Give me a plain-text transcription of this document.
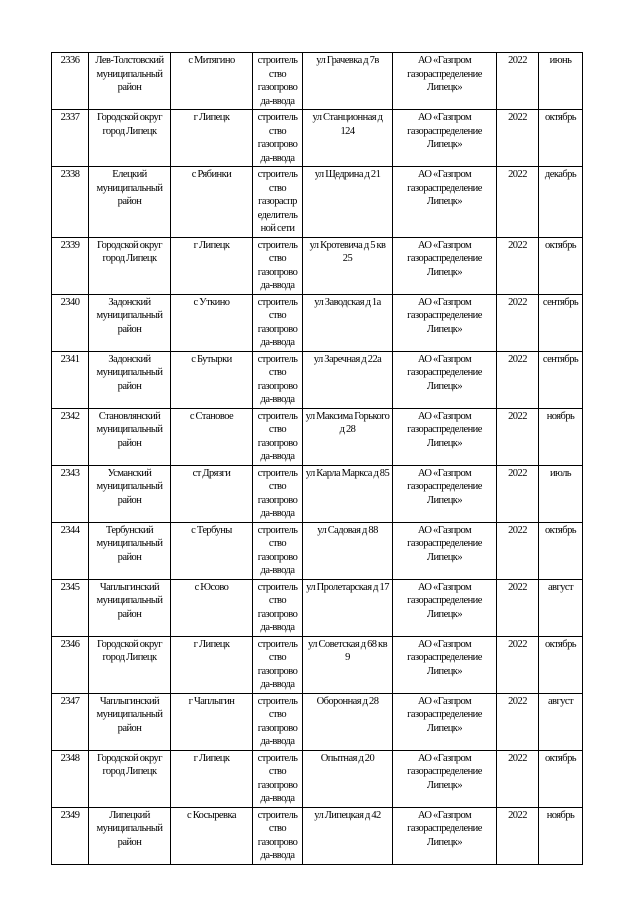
2336	Лев-Толстовский муниципальный район	с Митягино	строитель ство газопрово да-ввода	ул Грачевка д 7в	АО «Газпром газораспределение Липецк»	2022	июнь
2337	Городской округ город Липецк	г Липецк	строитель ство газопрово да-ввода	ул Станционная д 124	АО «Газпром газораспределение Липецк»	2022	октябрь
2338	Елецкий муниципальный район	с Рябинки	строитель ство газораспр еделитель ной сети	ул Щедрина д 21	АО «Газпром газораспределение Липецк»	2022	декабрь
2339	Городской округ город Липецк	г Липецк	строитель ство газопрово да-ввода	ул Кротевича д 5 кв 25	АО «Газпром газораспределение Липецк»	2022	октябрь
2340	Задонский муниципальный район	с Уткино	строитель ство газопрово да-ввода	ул Заводская д 1а	АО «Газпром газораспределение Липецк»	2022	сентябрь
2341	Задонский муниципальный район	с Бутырки	строитель ство газопрово да-ввода	ул Заречная д 22а	АО «Газпром газораспределение Липецк»	2022	сентябрь
2342	Становлянский муниципальный район	с Становое	строитель ство газопрово да-ввода	ул Максима Горького д 28	АО «Газпром газораспределение Липецк»	2022	ноябрь
2343	Усманский муниципальный район	ст Дрязги	строитель ство газопрово да-ввода	ул Карла Маркса д 85	АО «Газпром газораспределение Липецк»	2022	июль
2344	Тербунский муниципальный район	с Тербуны	строитель ство газопрово да-ввода	ул Садовая д 88	АО «Газпром газораспределение Липецк»	2022	октябрь
2345	Чаплыгинский муниципальный район	с Юсово	строитель ство газопрово да-ввода	ул Пролетарская д 17	АО «Газпром газораспределение Липецк»	2022	август
2346	Городской округ город Липецк	г Липецк	строитель ство газопрово да-ввода	ул Советская д 68 кв 9	АО «Газпром газораспределение Липецк»	2022	октябрь
2347	Чаплыгинский муниципальный район	г Чаплыгин	строитель ство газопрово да-ввода	Оборонная д 28	АО «Газпром газораспределение Липецк»	2022	август
2348	Городской округ город Липецк	г Липецк	строитель ство газопрово да-ввода	Опытная д 20	АО «Газпром газораспределение Липецк»	2022	октябрь
2349	Липецкий муниципальный район	с Косыревка	строитель ство газопрово да-ввода	ул Липецкая д 42	АО «Газпром газораспределение Липецк»	2022	ноябрь
